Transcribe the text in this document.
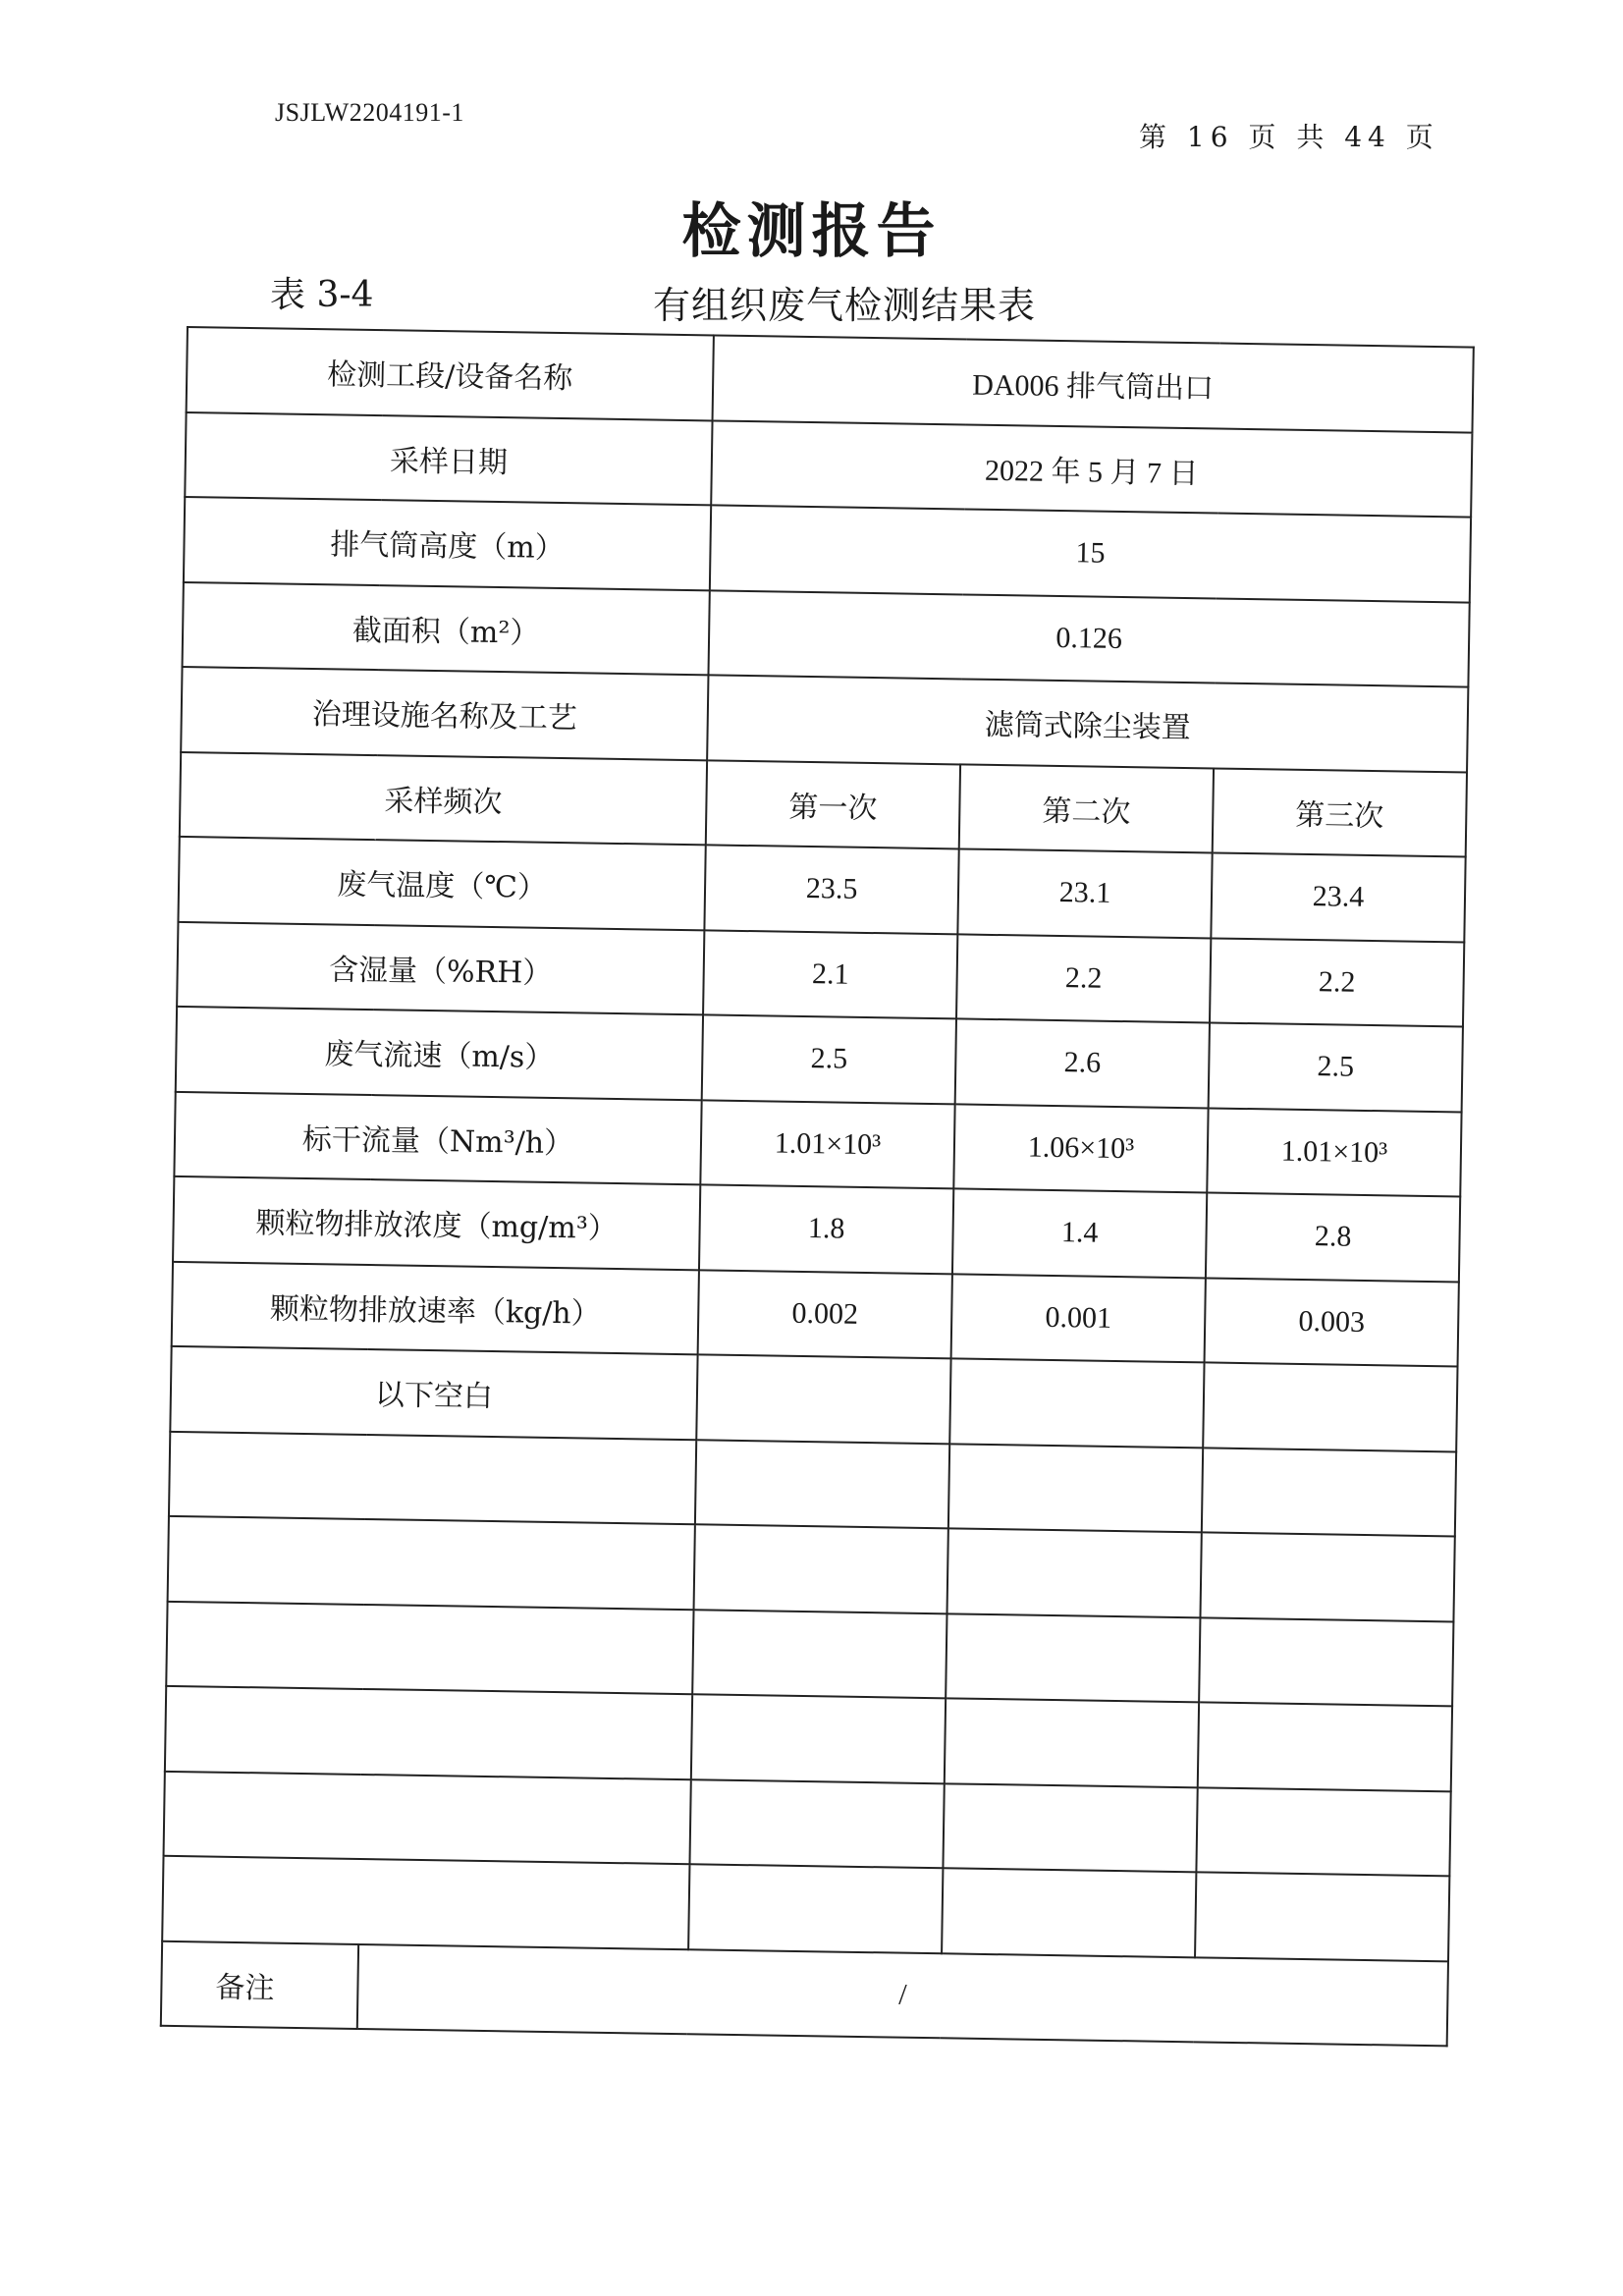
JSJLW2204191-1
第 16 页 共 44 页
检测报告
表 3-4	有组织废气检测结果表
检测工段/设备名称		DA006 排气筒出口		
采样日期		2022 年 5 月 7 日		
排气筒高度（m）		15		
截面积（m²）		0.126		
治理设施名称及工艺		滤筒式除尘装置		
采样频次		第一次	第二次	第三次
废气温度（℃）		23.5	23.1	23.4
含湿量（%RH）		2.1	2.2	2.2
废气流速（m/s）		2.5	2.6	2.5
标干流量（Nm³/h）		1.01×10³	1.06×10³	1.01×10³
颗粒物排放浓度（mg/m³）		1.8	1.4	2.8
颗粒物排放速率（kg/h）		0.002	0.001	0.003
以下空白				

备注	/			
